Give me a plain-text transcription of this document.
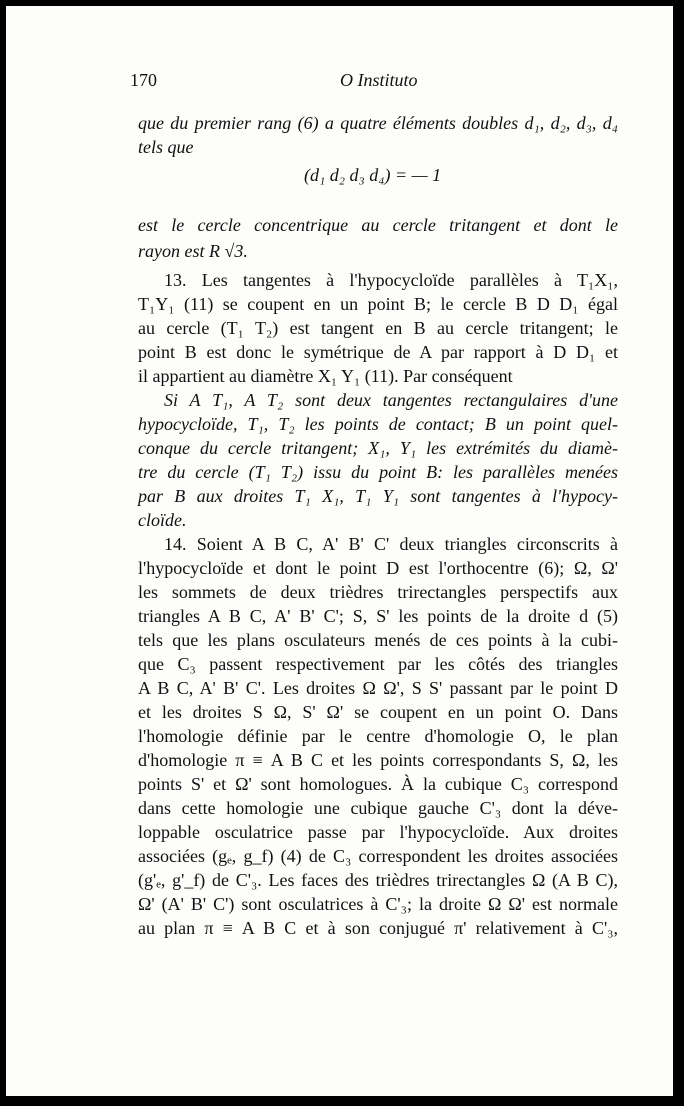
170	O Instituto
que du premier rang (6) a quatre éléments doubles d₁, d₂, d₃, d₄
tels que
(d₁ d₂ d₃ d₄) = — 1
est le cercle concentrique au cercle tritangent et dont le
rayon est R √3.
13. Les tangentes à l'hypocycloïde parallèles à T₁X₁,
T₁Y₁ (11) se coupent en un point B; le cercle B D D₁ égal
au cercle (T₁ T₂) est tangent en B au cercle tritangent; le
point B est donc le symétrique de A par rapport à D D₁ et
il appartient au diamètre X₁ Y₁ (11). Par conséquent
Si A T₁, A T₂ sont deux tangentes rectangulaires d'une
hypocycloïde, T₁, T₂ les points de contact; B un point quel-
conque du cercle tritangent; X₁, Y₁ les extrémités du diamè-
tre du cercle (T₁ T₂) issu du point B: les parallèles menées
par B aux droites T₁ X₁, T₁ Y₁ sont tangentes à l'hypocy-
cloïde.
14. Soient A B C, A' B' C' deux triangles circonscrits à
l'hypocycloïde et dont le point D est l'orthocentre (6); Ω, Ω'
les sommets de deux trièdres trirectangles perspectifs aux
triangles A B C, A' B' C'; S, S' les points de la droite d (5)
tels que les plans osculateurs menés de ces points à la cubi-
que C₃ passent respectivement par les côtés des triangles
A B C, A' B' C'. Les droites Ω Ω', S S' passant par le point D
et les droites S Ω, S' Ω' se coupent en un point O. Dans
l'homologie définie par le centre d'homologie O, le plan
d'homologie π ≡ A B C et les points correspondants S, Ω, les
points S' et Ω' sont homologues. À la cubique C₃ correspond
dans cette homologie une cubique gauche C'₃ dont la déve-
loppable osculatrice passe par l'hypocycloïde. Aux droites
associées (gₑ, g_f) (4) de C₃ correspondent les droites associées
(g'ₑ, g'_f) de C'₃. Les faces des trièdres trirectangles Ω (A B C),
Ω' (A' B' C') sont osculatrices à C'₃; la droite Ω Ω' est normale
au plan π ≡ A B C et à son conjugué π' relativement à C'₃,
